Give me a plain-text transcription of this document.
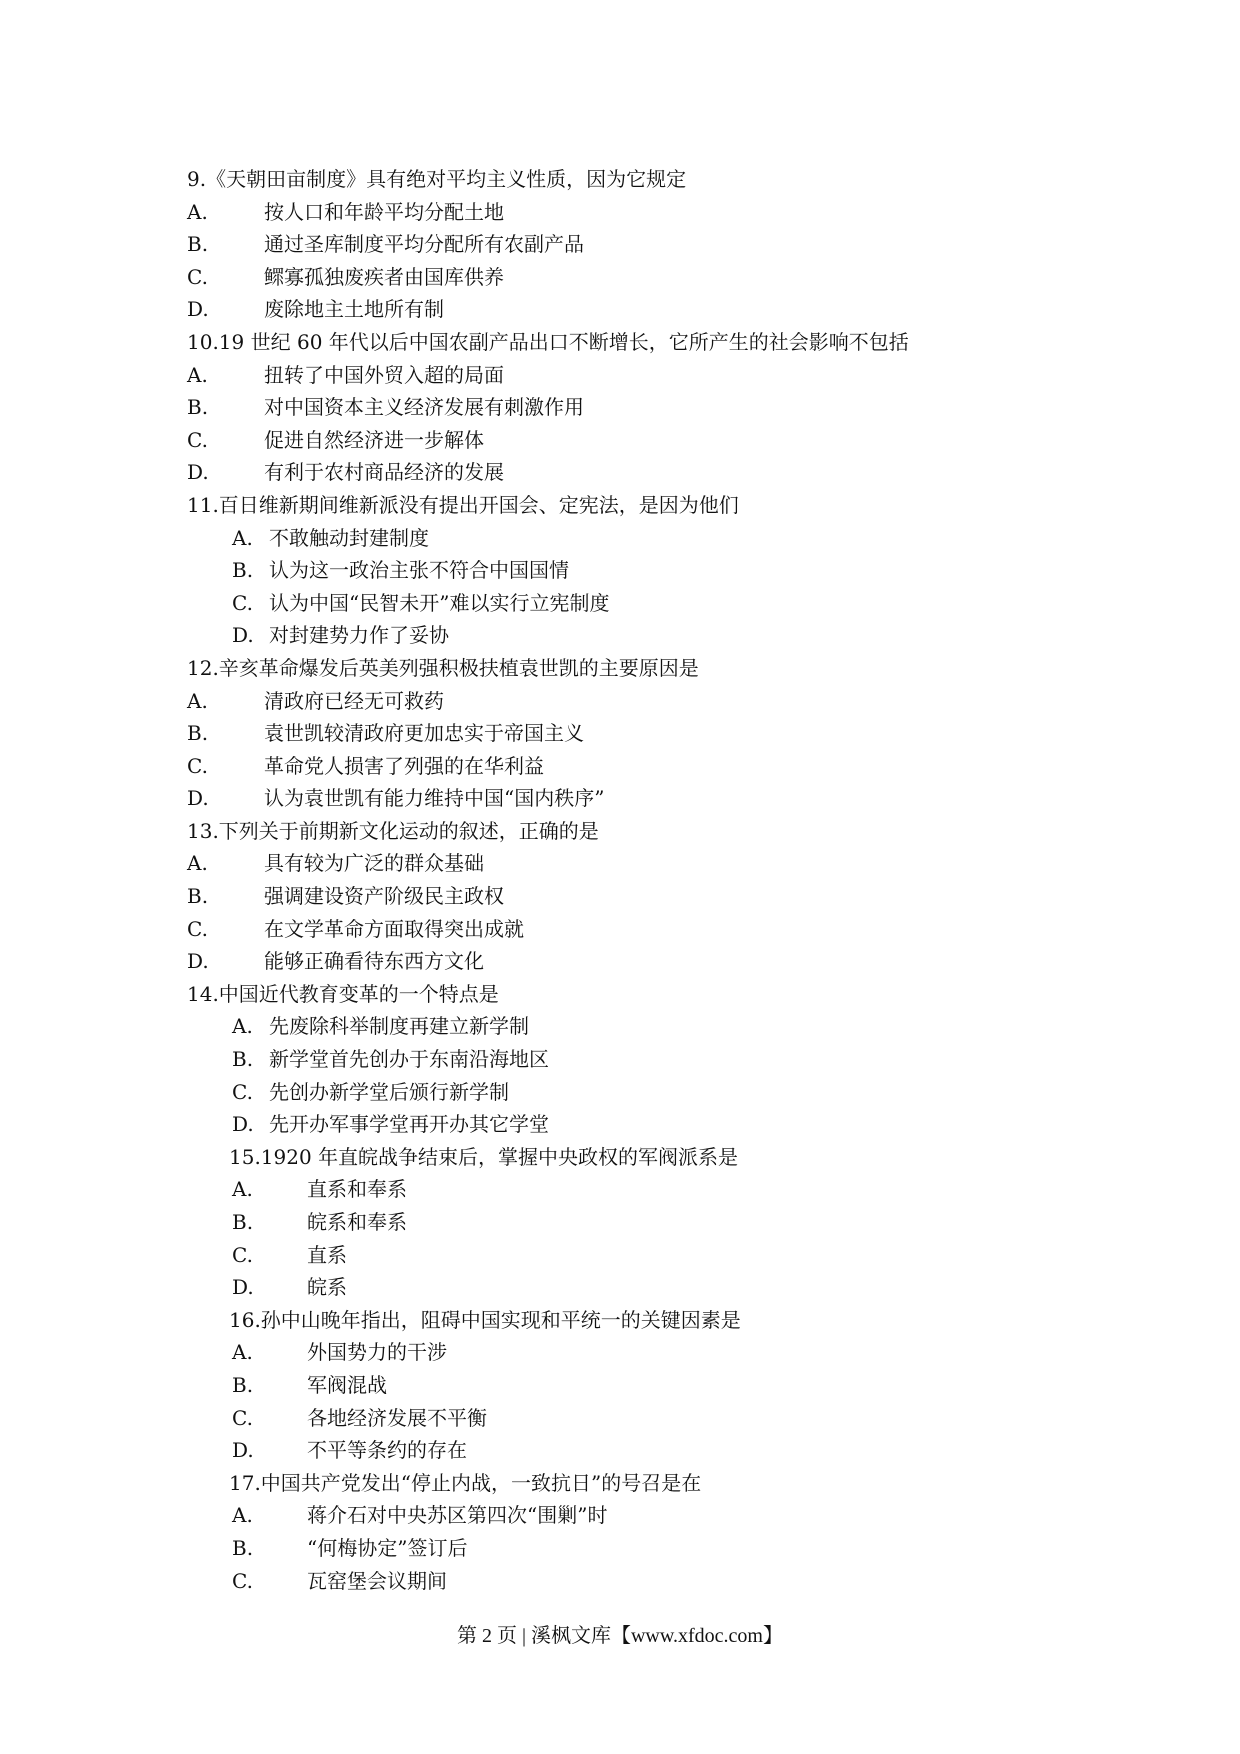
9.《天朝田亩制度》具有绝对平均主义性质，因为它规定
A.	按人口和年龄平均分配土地
B.	通过圣库制度平均分配所有农副产品
C.	鳏寡孤独废疾者由国库供养
D.	废除地主土地所有制
10.19 世纪 60 年代以后中国农副产品出口不断增长，它所产生的社会影响不包括
A.	扭转了中国外贸入超的局面
B.	对中国资本主义经济发展有刺激作用
C.	促进自然经济进一步解体
D.	有利于农村商品经济的发展
11.百日维新期间维新派没有提出开国会、定宪法，是因为他们
A. 不敢触动封建制度
B. 认为这一政治主张不符合中国国情
C. 认为中国“民智未开”难以实行立宪制度
D. 对封建势力作了妥协
12.辛亥革命爆发后英美列强积极扶植袁世凯的主要原因是
A.	清政府已经无可救药
B.	袁世凯较清政府更加忠实于帝国主义
C.	革命党人损害了列强的在华利益
D.	认为袁世凯有能力维持中国“国内秩序”
13.下列关于前期新文化运动的叙述，正确的是
A.	具有较为广泛的群众基础
B.	强调建设资产阶级民主政权
C.	在文学革命方面取得突出成就
D.	能够正确看待东西方文化
14.中国近代教育变革的一个特点是
A. 先废除科举制度再建立新学制
B. 新学堂首先创办于东南沿海地区
C. 先创办新学堂后颁行新学制
D. 先开办军事学堂再开办其它学堂
15.1920 年直皖战争结束后，掌握中央政权的军阀派系是
A.	直系和奉系
B.	皖系和奉系
C.	直系
D.	皖系
16.孙中山晚年指出，阻碍中国实现和平统一的关键因素是
A.	外国势力的干涉
B.	军阀混战
C.	各地经济发展不平衡
D.	不平等条约的存在
17.中国共产党发出“停止内战，一致抗日”的号召是在
A.	蒋介石对中央苏区第四次“围剿”时
B.	“何梅协定”签订后
C.	瓦窑堡会议期间
第 2 页 | 溪枫文库【www.xfdoc.com】
